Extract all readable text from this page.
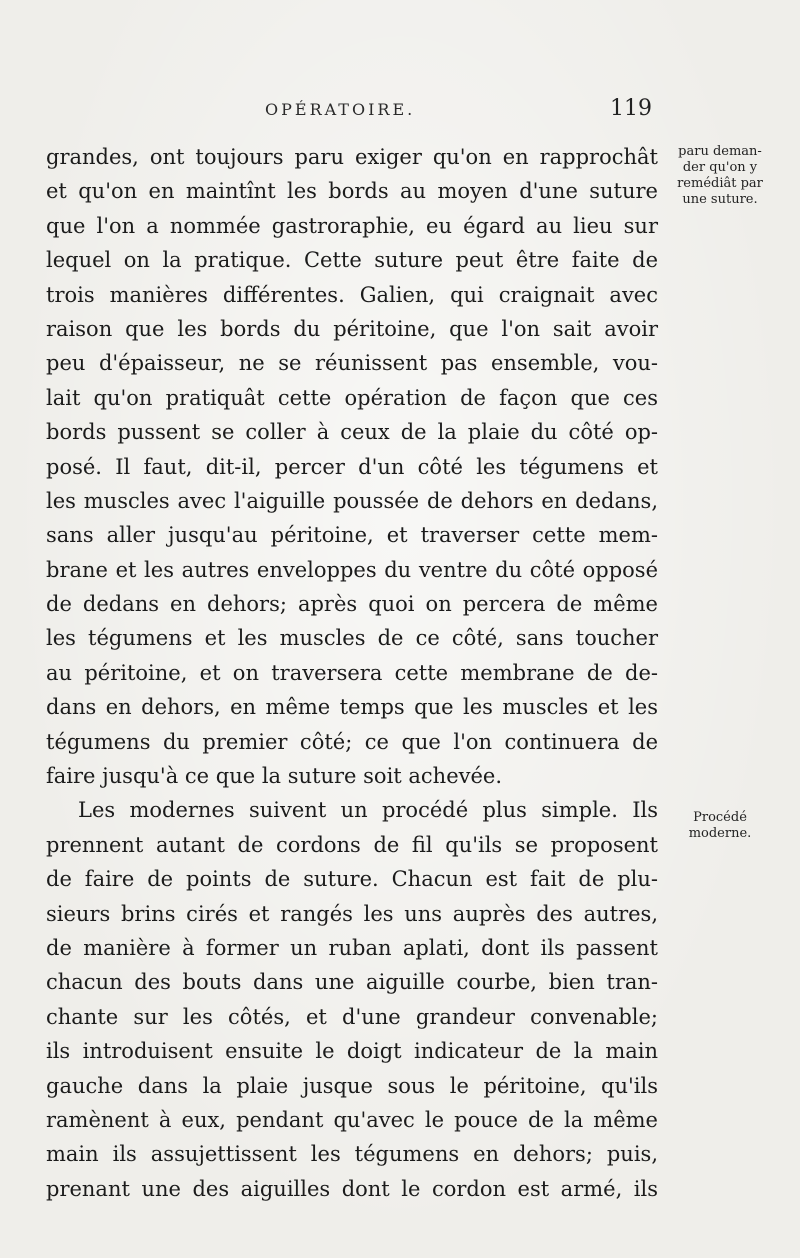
OPÉRATOIRE.	119
grandes, ont toujours paru exiger qu'on en rapprochât
et qu'on en maintînt les bords au moyen d'une suture
que l'on a nommée gastroraphie, eu égard au lieu sur
lequel on la pratique. Cette suture peut être faite de
trois manières différentes. Galien, qui craignait avec
raison que les bords du péritoine, que l'on sait avoir
peu d'épaisseur, ne se réunissent pas ensemble, vou-
lait qu'on pratiquât cette opération de façon que ces
bords pussent se coller à ceux de la plaie du côté op-
posé. Il faut, dit-il, percer d'un côté les tégumens et
les muscles avec l'aiguille poussée de dehors en dedans,
sans aller jusqu'au péritoine, et traverser cette mem-
brane et les autres enveloppes du ventre du côté opposé
de dedans en dehors; après quoi on percera de même
les tégumens et les muscles de ce côté, sans toucher
au péritoine, et on traversera cette membrane de de-
dans en dehors, en même temps que les muscles et les
tégumens du premier côté; ce que l'on continuera de
faire jusqu'à ce que la suture soit achevée.
Les modernes suivent un procédé plus simple. Ils
prennent autant de cordons de fil qu'ils se proposent
de faire de points de suture. Chacun est fait de plu-
sieurs brins cirés et rangés les uns auprès des autres,
de manière à former un ruban aplati, dont ils passent
chacun des bouts dans une aiguille courbe, bien tran-
chante sur les côtés, et d'une grandeur convenable;
ils introduisent ensuite le doigt indicateur de la main
gauche dans la plaie jusque sous le péritoine, qu'ils
ramènent à eux, pendant qu'avec le pouce de la même
main ils assujettissent les tégumens en dehors; puis,
prenant une des aiguilles dont le cordon est armé, ils
paru deman-
der qu'on y
remédiât par
une suture.
Procédé
moderne.
